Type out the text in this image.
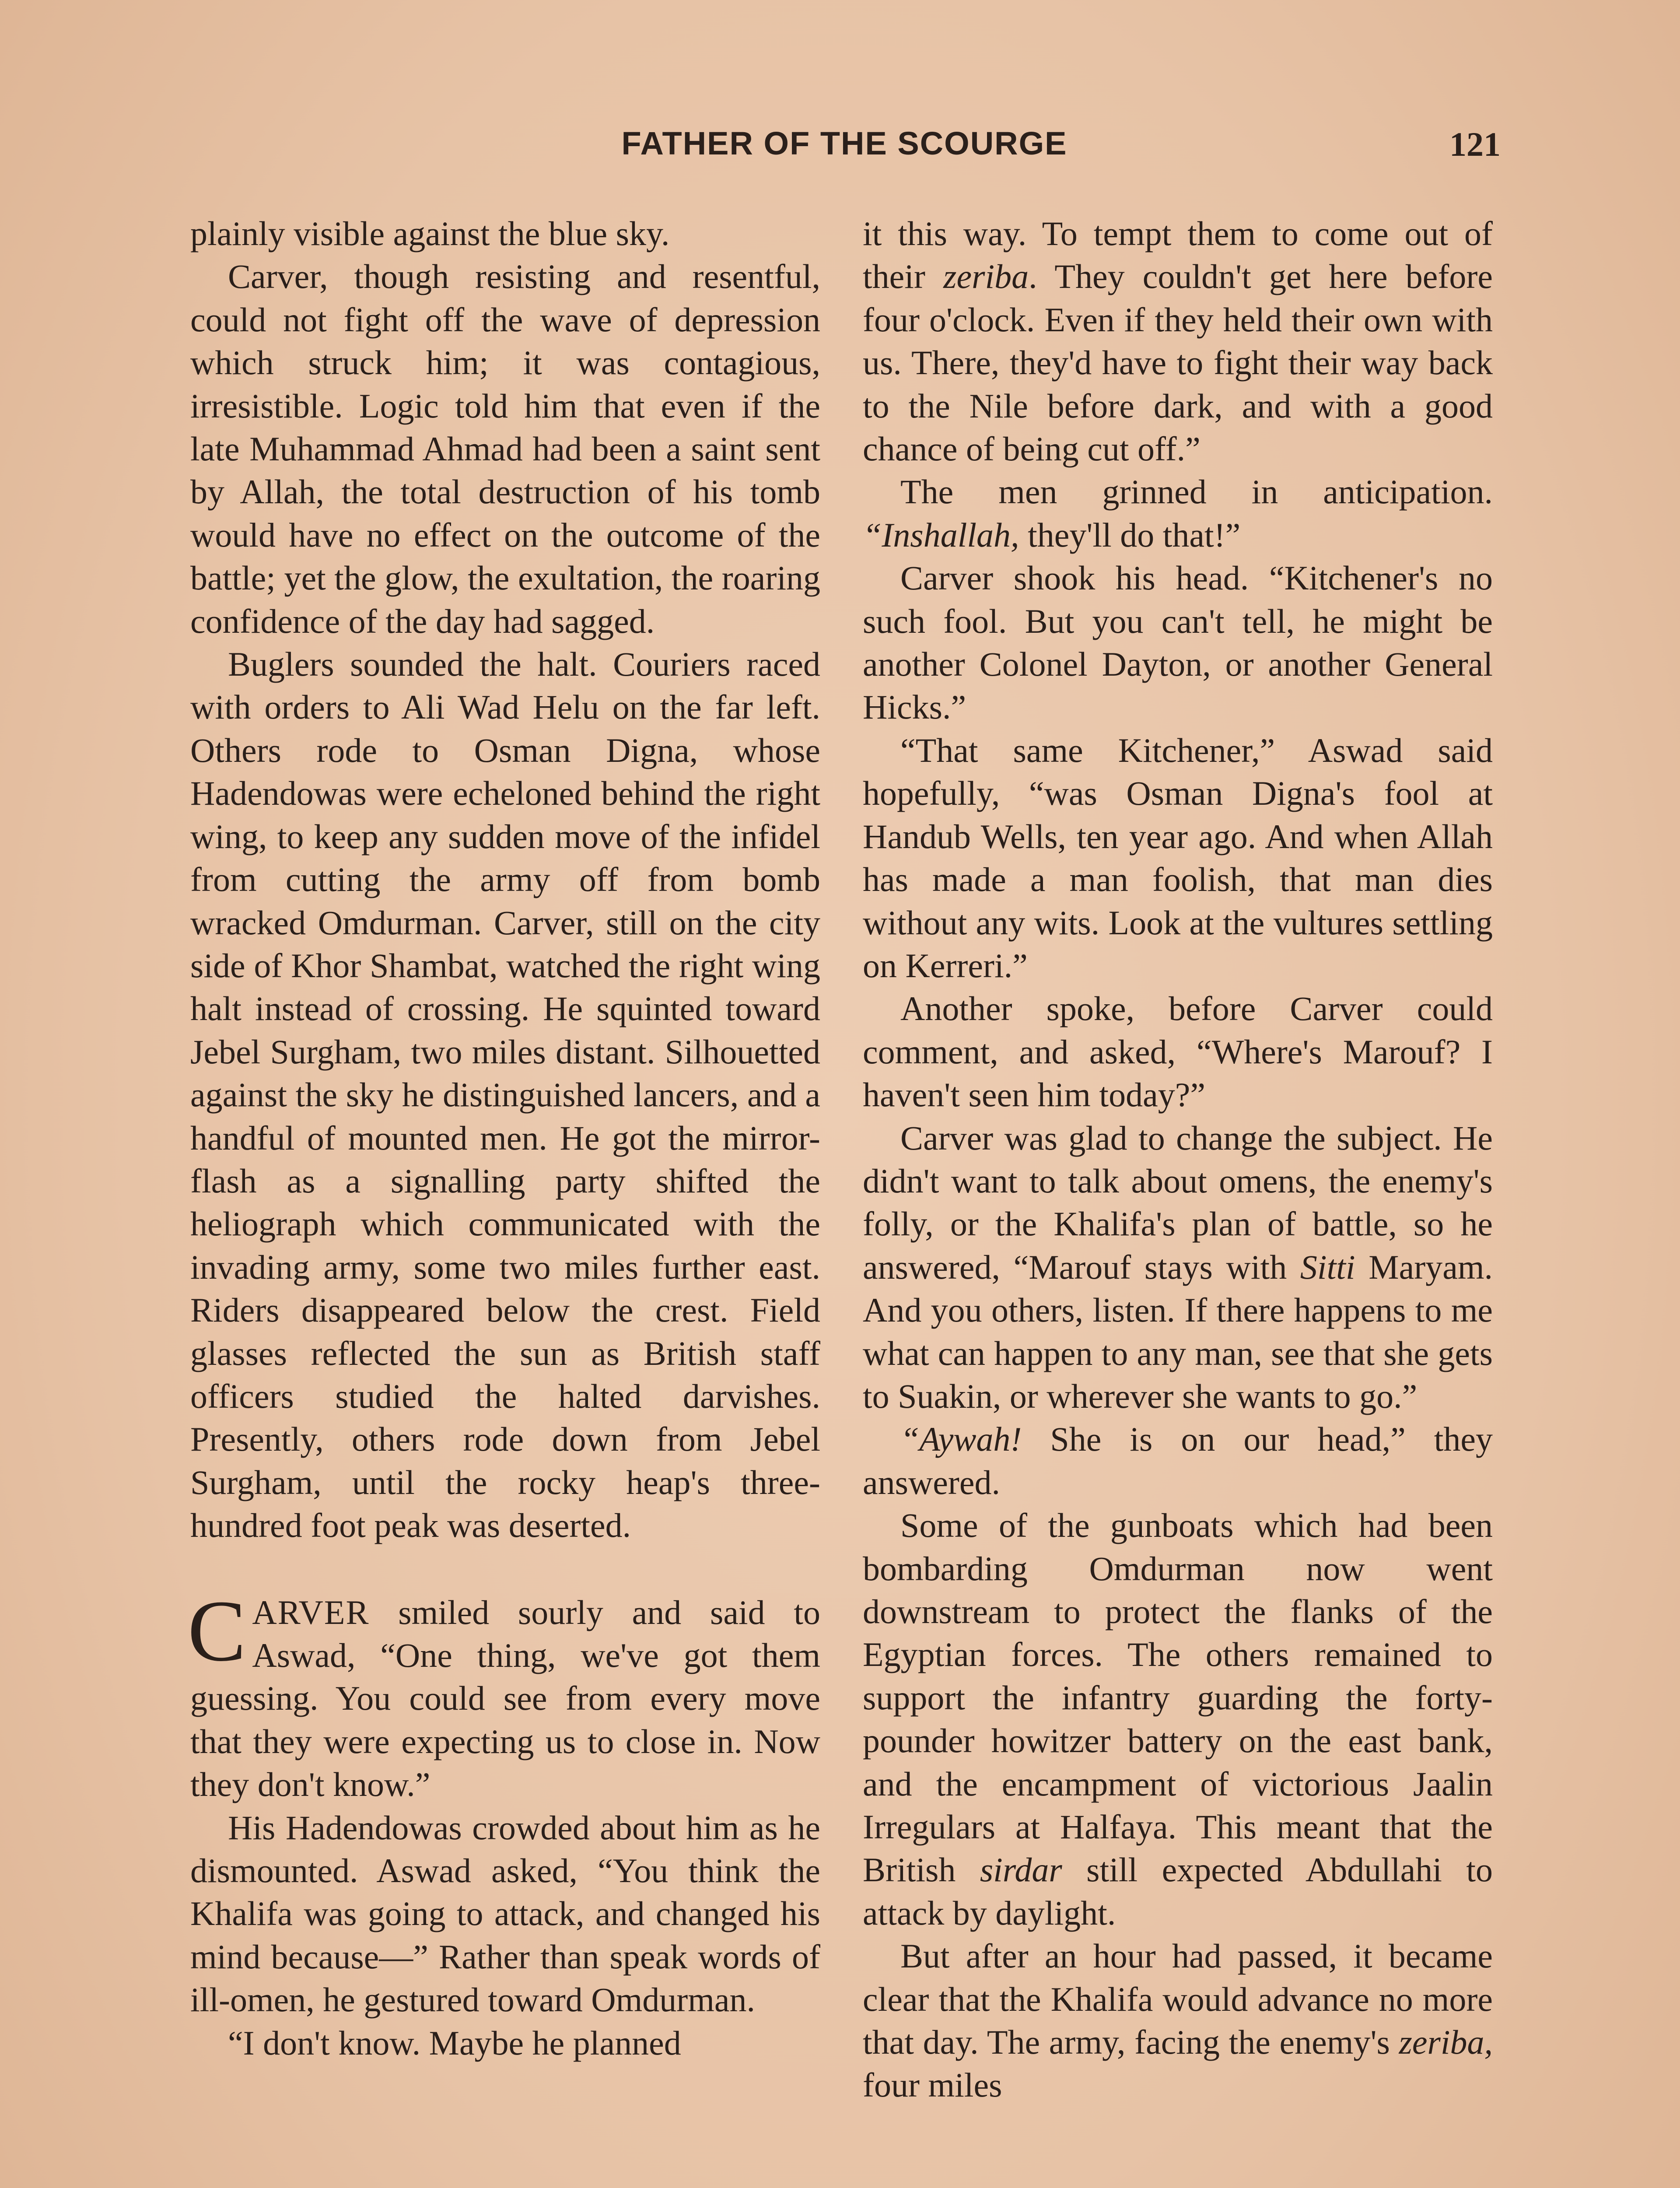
FATHER OF THE SCOURGE	121

plainly visible against the blue sky.

Carver, though resisting and resentful, could not fight off the wave of depression which struck him; it was contagious, irresistible. Logic told him that even if the late Muhammad Ahmad had been a saint sent by Allah, the total destruction of his tomb would have no effect on the outcome of the battle; yet the glow, the exultation, the roaring confidence of the day had sagged.

Buglers sounded the halt. Couriers raced with orders to Ali Wad Helu on the far left. Others rode to Osman Digna, whose Hadendowas were echeloned behind the right wing, to keep any sudden move of the infidel from cutting the army off from bomb wracked Omdurman. Carver, still on the city side of Khor Shambat, watched the right wing halt instead of crossing. He squinted toward Jebel Surgham, two miles distant. Silhouetted against the sky he distinguished lancers, and a handful of mounted men. He got the mirror-flash as a signalling party shifted the heliograph which communicated with the invading army, some two miles further east. Riders disappeared below the crest. Field glasses reflected the sun as British staff officers studied the halted darvishes. Presently, others rode down from Jebel Surgham, until the rocky heap's three-hundred foot peak was deserted.

CARVER smiled sourly and said to Aswad, “One thing, we've got them guessing. You could see from every move that they were expecting us to close in. Now they don't know.”

His Hadendowas crowded about him as he dismounted. Aswad asked, “You think the Khalifa was going to attack, and changed his mind because—” Rather than speak words of ill-omen, he gestured toward Omdurman.

“I don't know. Maybe he planned

it this way. To tempt them to come out of their zeriba. They couldn't get here before four o'clock. Even if they held their own with us. There, they'd have to fight their way back to the Nile before dark, and with a good chance of being cut off.”

The men grinned in anticipation. “Inshallah, they'll do that!”

Carver shook his head. “Kitchener's no such fool. But you can't tell, he might be another Colonel Dayton, or another General Hicks.”

“That same Kitchener,” Aswad said hopefully, “was Osman Digna's fool at Handub Wells, ten year ago. And when Allah has made a man foolish, that man dies without any wits. Look at the vultures settling on Kerreri.”

Another spoke, before Carver could comment, and asked, “Where's Marouf? I haven't seen him today?”

Carver was glad to change the subject. He didn't want to talk about omens, the enemy's folly, or the Khalifa's plan of battle, so he answered, “Marouf stays with Sitti Maryam. And you others, listen. If there happens to me what can happen to any man, see that she gets to Suakin, or wherever she wants to go.”

“Aywah! She is on our head,” they answered.

Some of the gunboats which had been bombarding Omdurman now went downstream to protect the flanks of the Egyptian forces. The others remained to support the infantry guarding the forty-pounder howitzer battery on the east bank, and the encampment of victorious Jaalin Irregulars at Halfaya. This meant that the British sirdar still expected Abdullahi to attack by daylight.

But after an hour had passed, it became clear that the Khalifa would advance no more that day. The army, facing the enemy's zeriba, four miles
